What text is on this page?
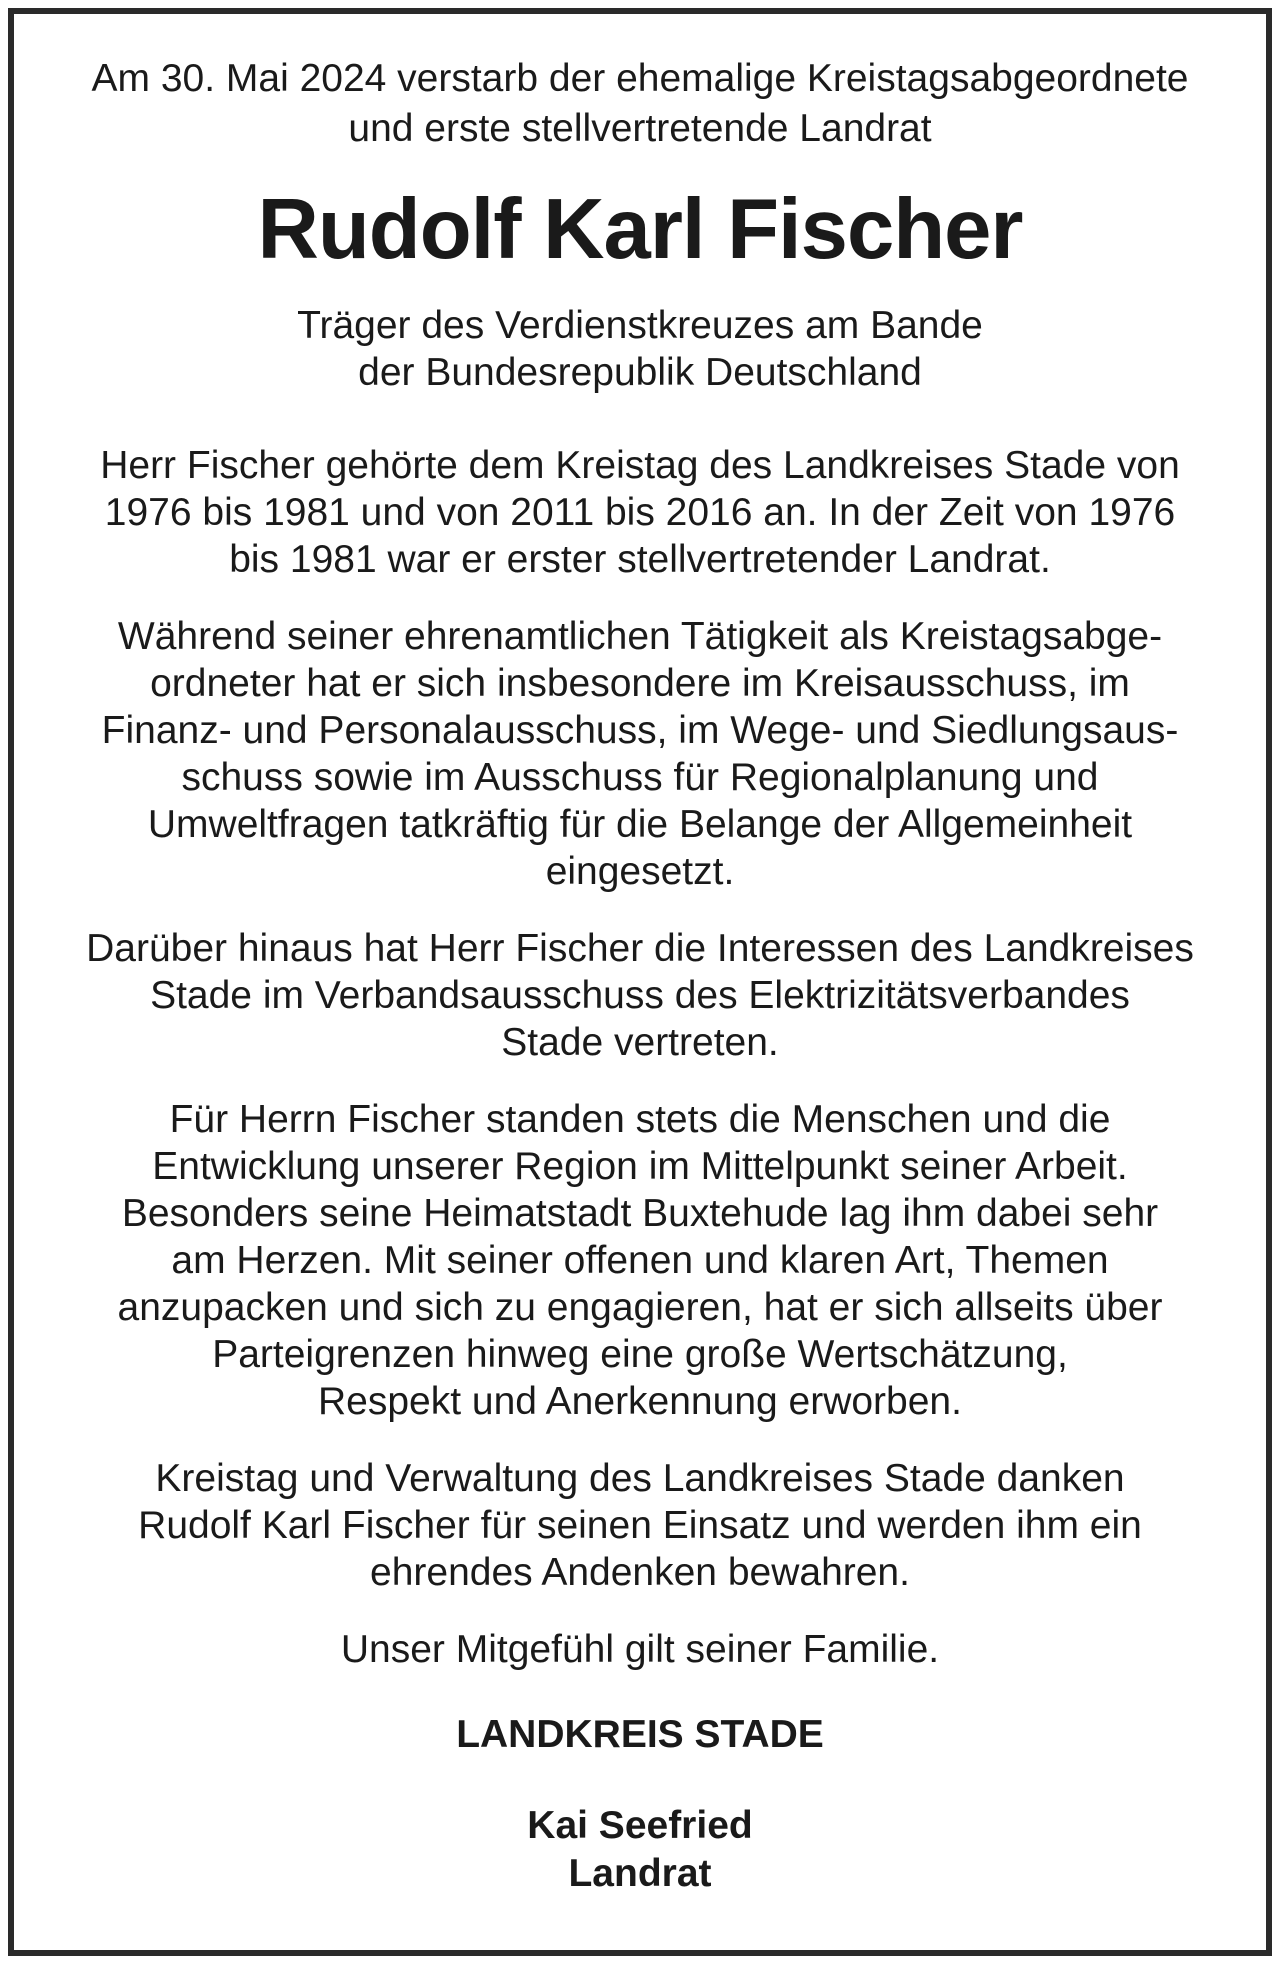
Am 30. Mai 2024 verstarb der ehemalige Kreistagsabgeordnete
und erste stellvertretende Landrat
Rudolf Karl Fischer
Träger des Verdienstkreuzes am Bande
der Bundesrepublik Deutschland
Herr Fischer gehörte dem Kreistag des Landkreises Stade von
1976 bis 1981 und von 2011 bis 2016 an. In der Zeit von 1976
bis 1981 war er erster stellvertretender Landrat.
Während seiner ehrenamtlichen Tätigkeit als Kreistagsabge-
ordneter hat er sich insbesondere im Kreisausschuss, im
Finanz- und Personalausschuss, im Wege- und Siedlungsaus-
schuss sowie im Ausschuss für Regionalplanung und
Umweltfragen tatkräftig für die Belange der Allgemeinheit
eingesetzt.
Darüber hinaus hat Herr Fischer die Interessen des Landkreises
Stade im Verbandsausschuss des Elektrizitätsverbandes
Stade vertreten.
Für Herrn Fischer standen stets die Menschen und die
Entwicklung unserer Region im Mittelpunkt seiner Arbeit.
Besonders seine Heimatstadt Buxtehude lag ihm dabei sehr
am Herzen. Mit seiner offenen und klaren Art, Themen
anzupacken und sich zu engagieren, hat er sich allseits über
Parteigrenzen hinweg eine große Wertschätzung,
Respekt und Anerkennung erworben.
Kreistag und Verwaltung des Landkreises Stade danken
Rudolf Karl Fischer für seinen Einsatz und werden ihm ein
ehrendes Andenken bewahren.
Unser Mitgefühl gilt seiner Familie.
LANDKREIS STADE
Kai Seefried
Landrat
